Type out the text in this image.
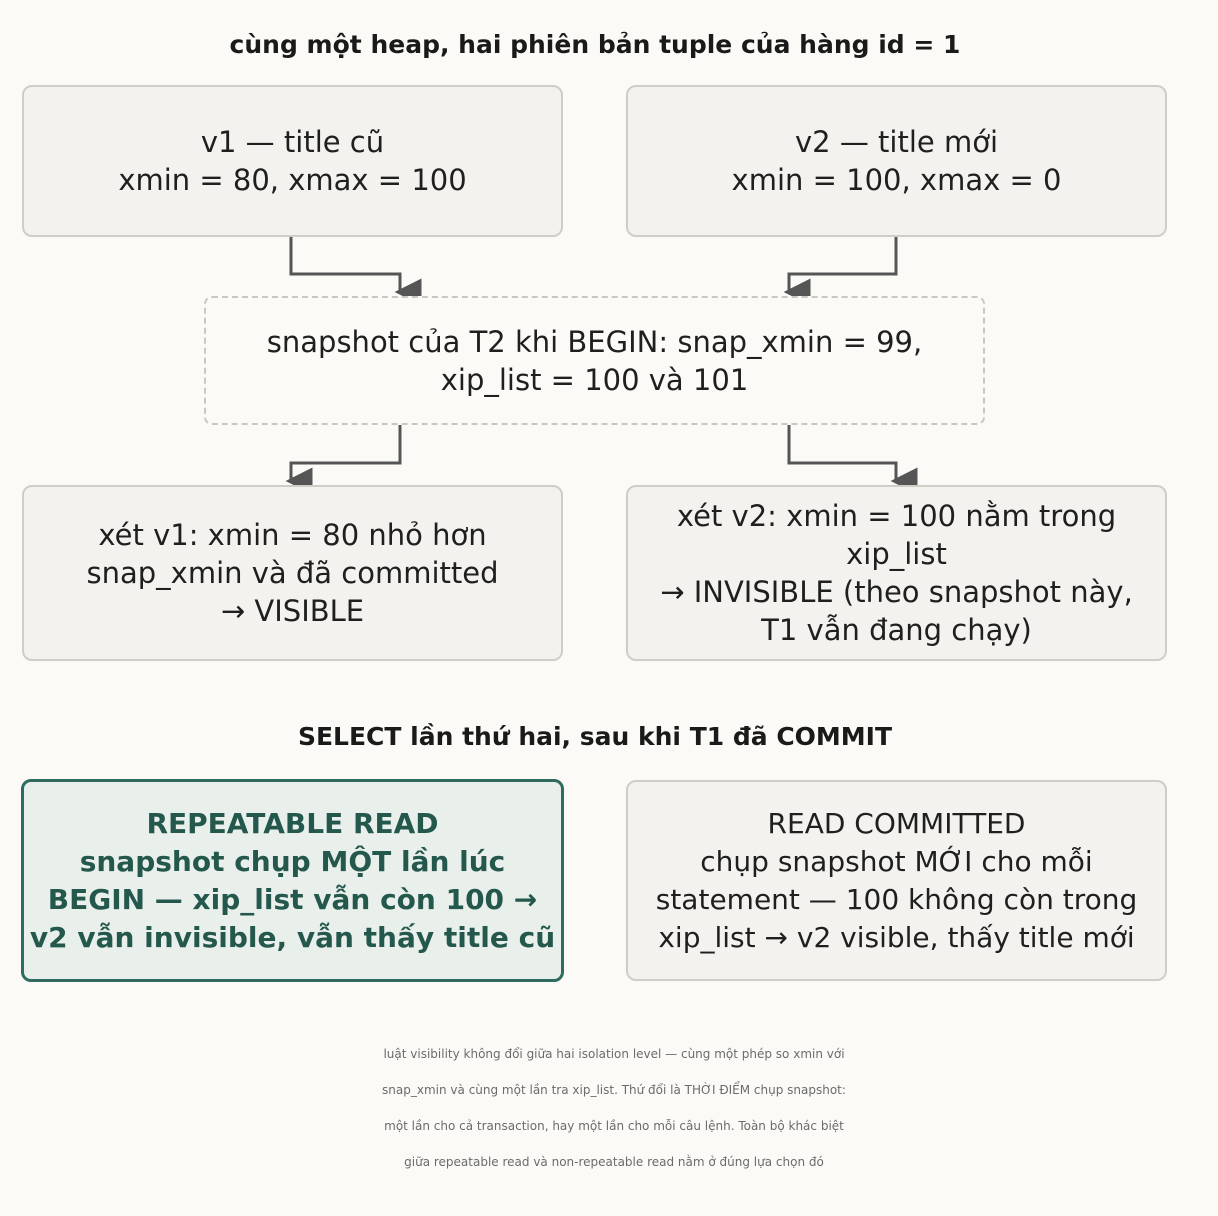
cùng một heap, hai phiên bản tuple của hàng id = 1
v1 — title cũ
xmin = 80, xmax = 100
v2 — title mới
xmin = 100, xmax = 0
snapshot của T2 khi BEGIN: snap_xmin = 99,
xip_list = 100 và 101
xét v1: xmin = 80 nhỏ hơn
snap_xmin và đã committed
→ VISIBLE
xét v2: xmin = 100 nằm trong
xip_list
→ INVISIBLE (theo snapshot này,
T1 vẫn đang chạy)
SELECT lần thứ hai, sau khi T1 đã COMMIT
REPEATABLE READ
snapshot chụp MỘT lần lúc
BEGIN — xip_list vẫn còn 100 →
v2 vẫn invisible, vẫn thấy title cũ
READ COMMITTED
chụp snapshot MỚI cho mỗi
statement — 100 không còn trong
xip_list → v2 visible, thấy title mới
luật visibility không đổi giữa hai isolation level — cùng một phép so xmin với
snap_xmin và cùng một lần tra xip_list. Thứ đổi là THỜI ĐIỂM chụp snapshot:
một lần cho cả transaction, hay một lần cho mỗi câu lệnh. Toàn bộ khác biệt
giữa repeatable read và non-repeatable read nằm ở đúng lựa chọn đó
